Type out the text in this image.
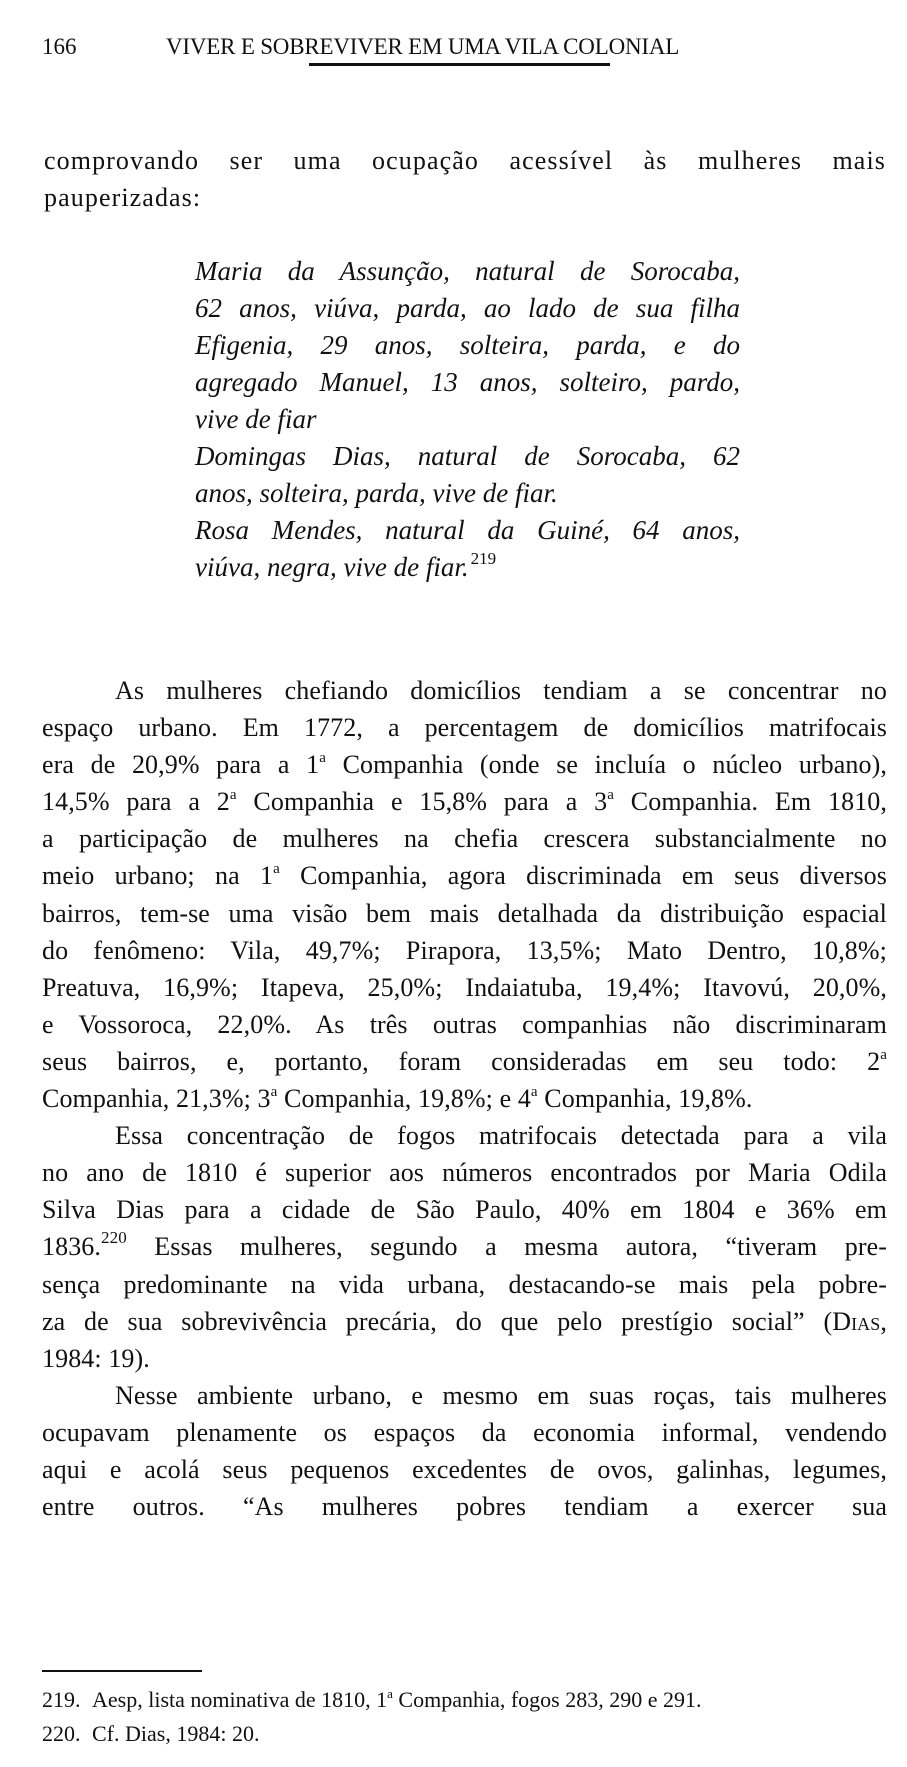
166	VIVER E SOBREVIVER EM UMA VILA COLONIAL

comprovando ser uma ocupação acessível às mulheres mais
pauperizadas:

Maria da Assunção, natural de Sorocaba,
62 anos, viúva, parda, ao lado de sua filha
Efigenia, 29 anos, solteira, parda, e do
agregado Manuel, 13 anos, solteiro, pardo,
vive de fiar
Domingas Dias, natural de Sorocaba, 62
anos, solteira, parda, vive de fiar.
Rosa Mendes, natural da Guiné, 64 anos,
viúva, negra, vive de fiar. $^{219}$

As mulheres chefiando domicílios tendiam a se concentrar no
espaço urbano. Em 1772, a percentagem de domicílios matrifocais
era de 20,9% para a 1$^a$ Companhia (onde se incluía o núcleo urbano),
14,5% para a 2$^a$ Companhia e 15,8% para a 3$^a$ Companhia. Em 1810,
a participação de mulheres na chefia crescera substancialmente no
meio urbano; na 1$^a$ Companhia, agora discriminada em seus diversos
bairros, tem-se uma visão bem mais detalhada da distribuição espacial
do fenômeno: Vila, 49,7%; Pirapora, 13,5%; Mato Dentro, 10,8%;
Preatuva, 16,9%; Itapeva, 25,0%; Indaiatuba, 19,4%; Itavovú, 20,0%,
e Vossoroca, 22,0%. As três outras companhias não discriminaram
seus bairros, e, portanto, foram consideradas em seu todo: 2$^a$
Companhia, 21,3%; 3$^a$ Companhia, 19,8%; e 4$^a$ Companhia, 19,8%.

Essa concentração de fogos matrifocais detectada para a vila
no ano de 1810 é superior aos números encontrados por Maria Odila
Silva Dias para a cidade de São Paulo, 40% em 1804 e 36% em
1836.$^{220}$ Essas mulheres, segundo a mesma autora, “tiveram pre-
sença predominante na vida urbana, destacando-se mais pela pobre-
za de sua sobrevivência precária, do que pelo prestígio social” (Dias,
1984: 19).

Nesse ambiente urbano, e mesmo em suas roças, tais mulheres
ocupavam plenamente os espaços da economia informal, vendendo
aqui e acolá seus pequenos excedentes de ovos, galinhas, legumes,
entre outros. “As mulheres pobres tendiam a exercer sua

219. Aesp, lista nominativa de 1810, 1$^a$ Companhia, fogos 283, 290 e 291.
220. Cf. Dias, 1984: 20.
